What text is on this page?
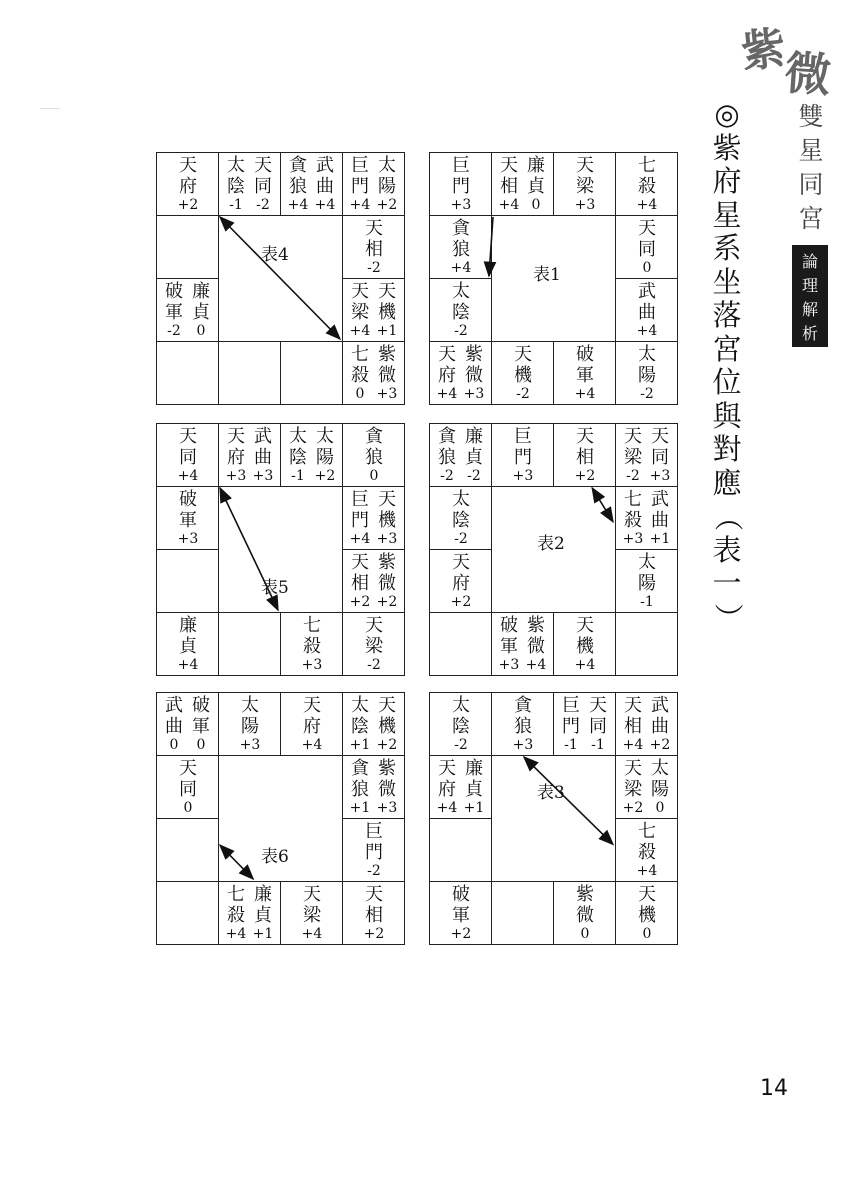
紫
微
雙
星
同
宮
論
理
解
析
◎
紫
府
星
系
坐
落
宮
位
與
對
應
（
表
一
）
天
府
+2
太
陰
天
同
-1 -2
貪
狼
武
曲
+4 +4
巨
門
太
陽
+4 +2
天
相
-2
破
軍
廉
貞
-2	0
天
梁
天
機
+4 +1
七
殺
紫
微
0 +3
表4
巨
門
+3
天
相
廉
貞
+4 0
天
梁
+3
七
殺
+4
貪
狼
+4
天
同
0
太
陰
-2
武
曲
+4
天
府
紫
微
+4 +3
天
機
-2
破
軍
+4
太
陽
-2
表1
天
同
+4
天
府
武
曲
+3 +3
太
陰
太
陽
-1 +2
貪
狼
0
破
軍
+3
巨
門
天
機
+4 +3
天
相
紫
微
+2 +2
廉
貞
+4
七
殺
+3
天
梁
-2
表5
貪
狼
廉
貞
-2 -2
巨
門
+3
天
相
+2
天
梁
天
同
-2 +3
太
陰
-2
七
殺
武
曲
+3 +1
天
府
+2
太
陽
-1
破
軍
紫
微
+3 +4
天
機
+4
表2
武
曲
破
軍
0	0
太
陽
+3
天
府
+4
太
陰
天
機
+1 +2
天
同
0
貪
狼
紫
微
+1 +3
巨
門
-2
七
殺
廉
貞
+4 +1
天
梁
+4
天
相
+2
表6
太
陰
-2
貪
狼
+3
巨
門
天
同
-1 -1
天
相
武
曲
+4 +2
天
府
廉
貞
+4 +1
天
梁
太
陽
+2 0
七
殺
+4
破
軍
+2
紫
微
0
天
機
0
表3
14
